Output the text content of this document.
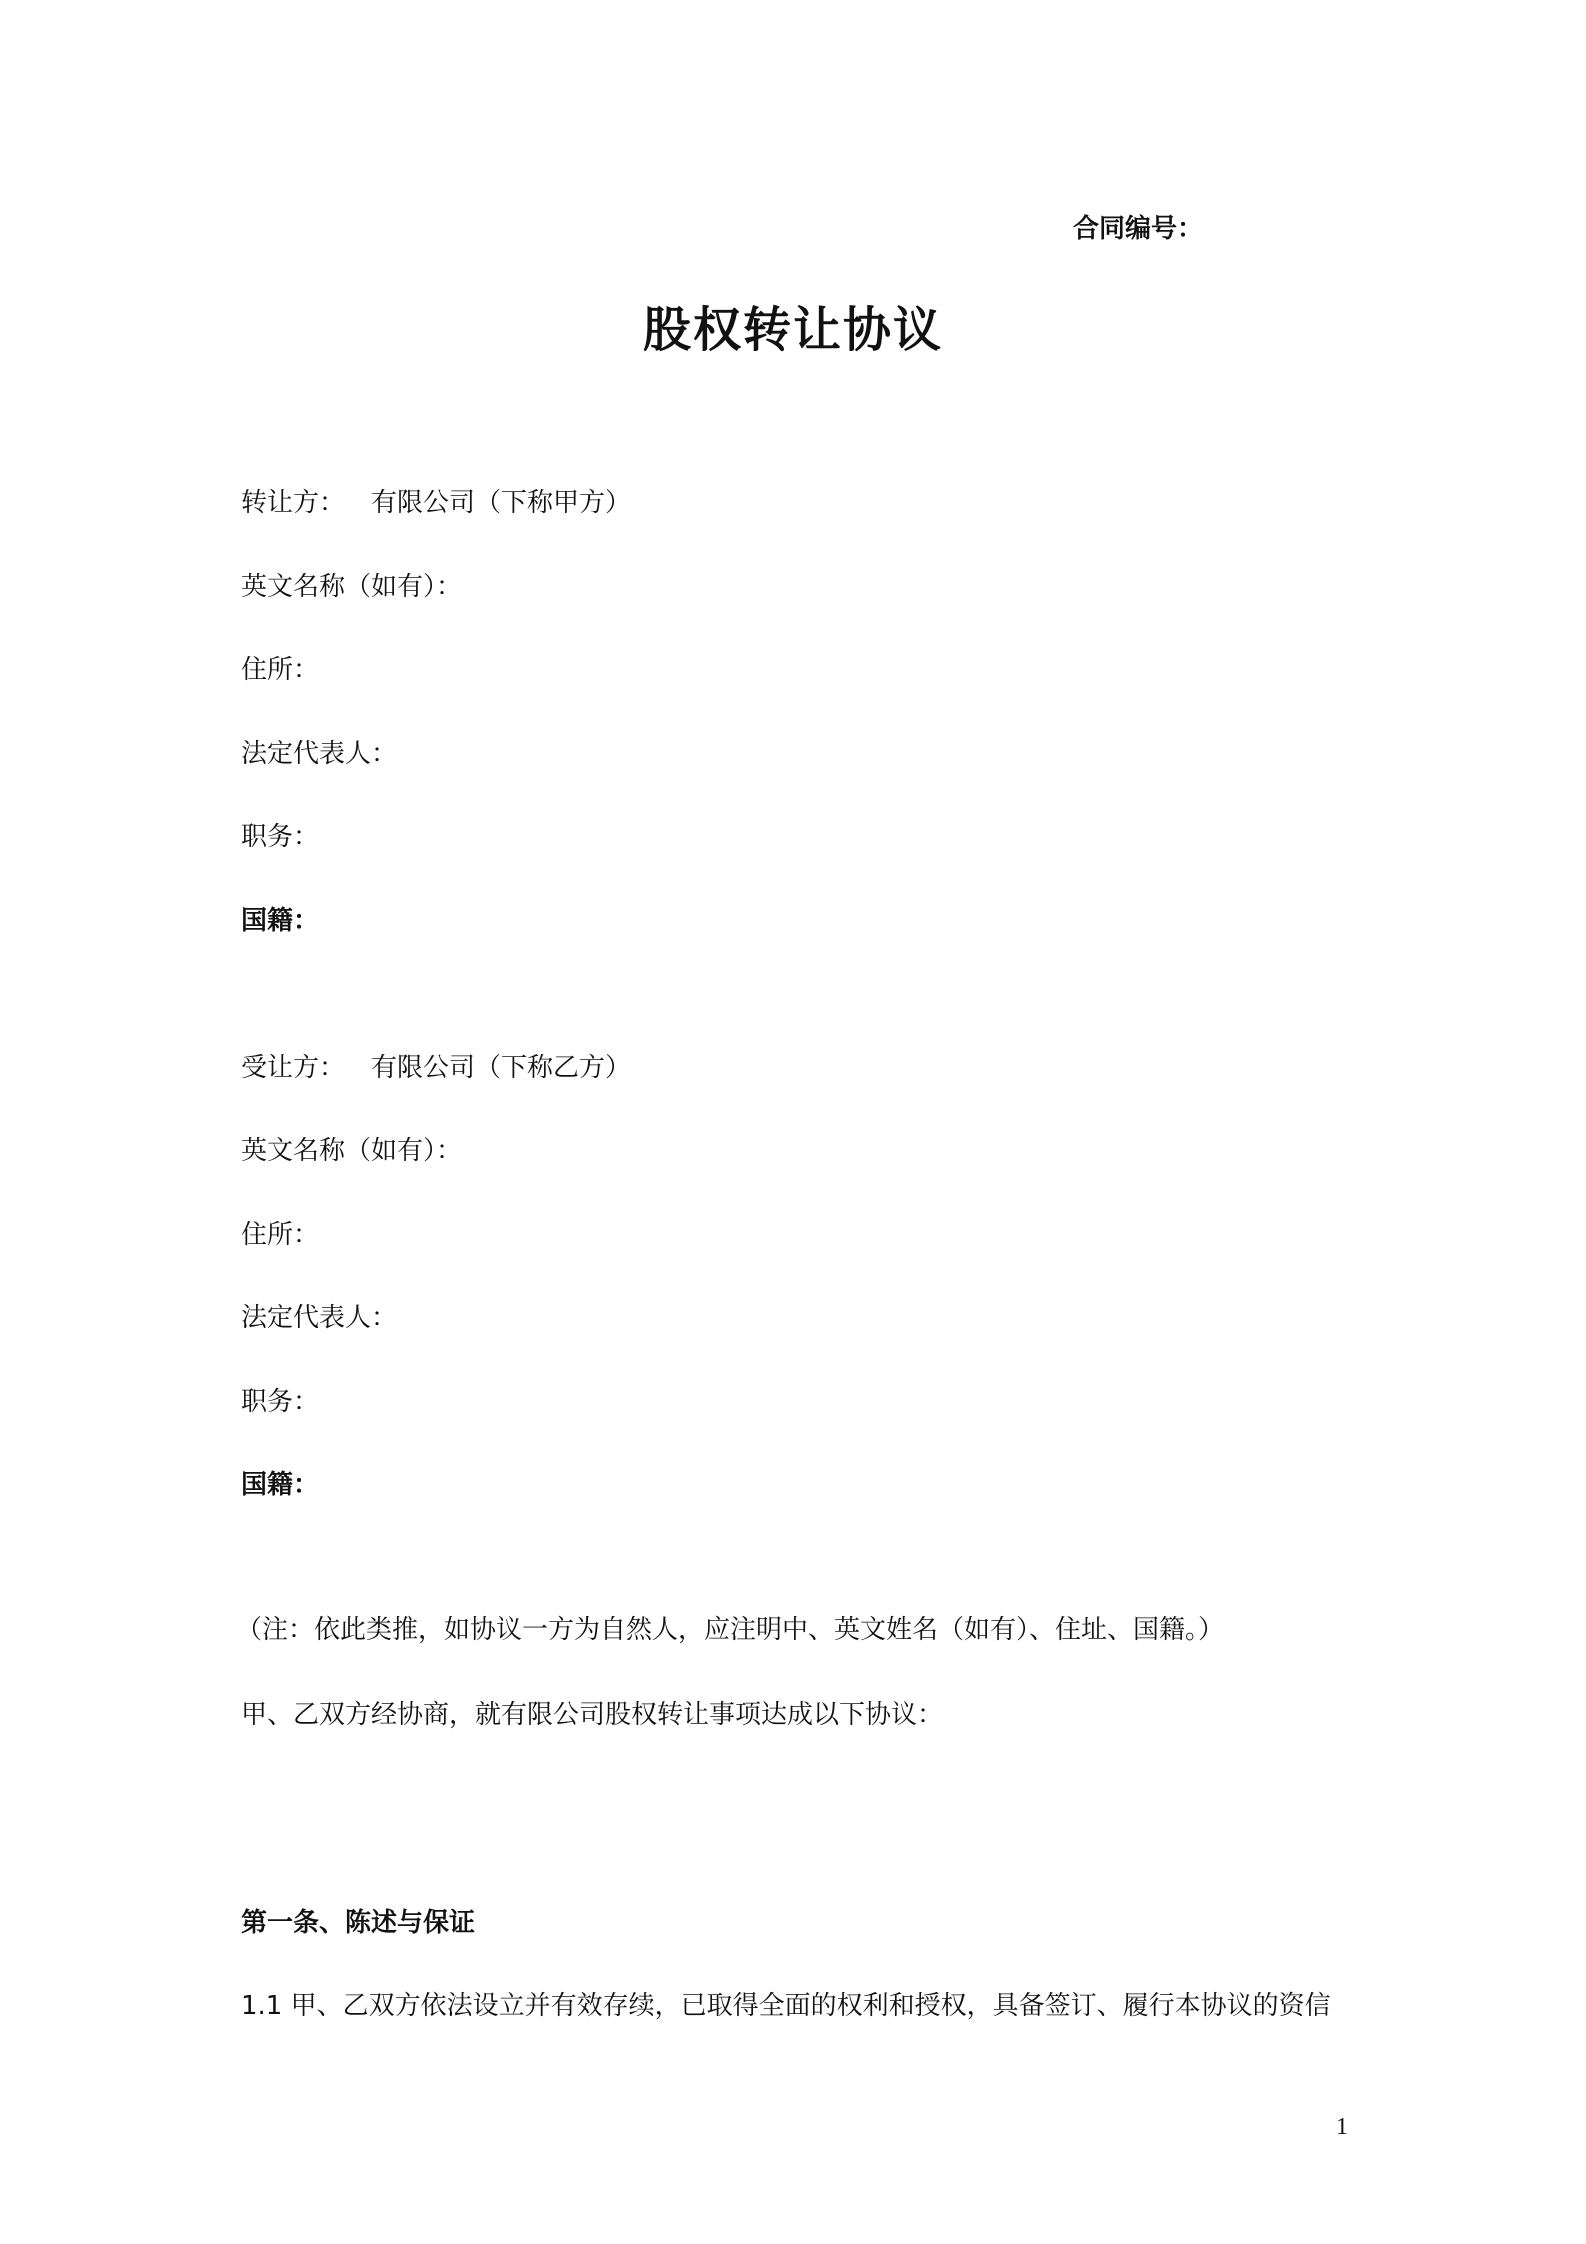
合同编号：
股权转让协议
转让方： 有限公司（下称甲方）
英文名称（如有）：
住所：
法定代表人：
职务：
国籍：
受让方： 有限公司（下称乙方）
英文名称（如有）：
住所：
法定代表人：
职务：
国籍：
（注：依此类推，如协议一方为自然人，应注明中、英文姓名（如有）、住址、国籍。）
甲、乙双方经协商，就有限公司股权转让事项达成以下协议：
第一条、陈述与保证
1.1 甲、乙双方依法设立并有效存续，已取得全面的权利和授权，具备签订、履行本协议的资信
1
